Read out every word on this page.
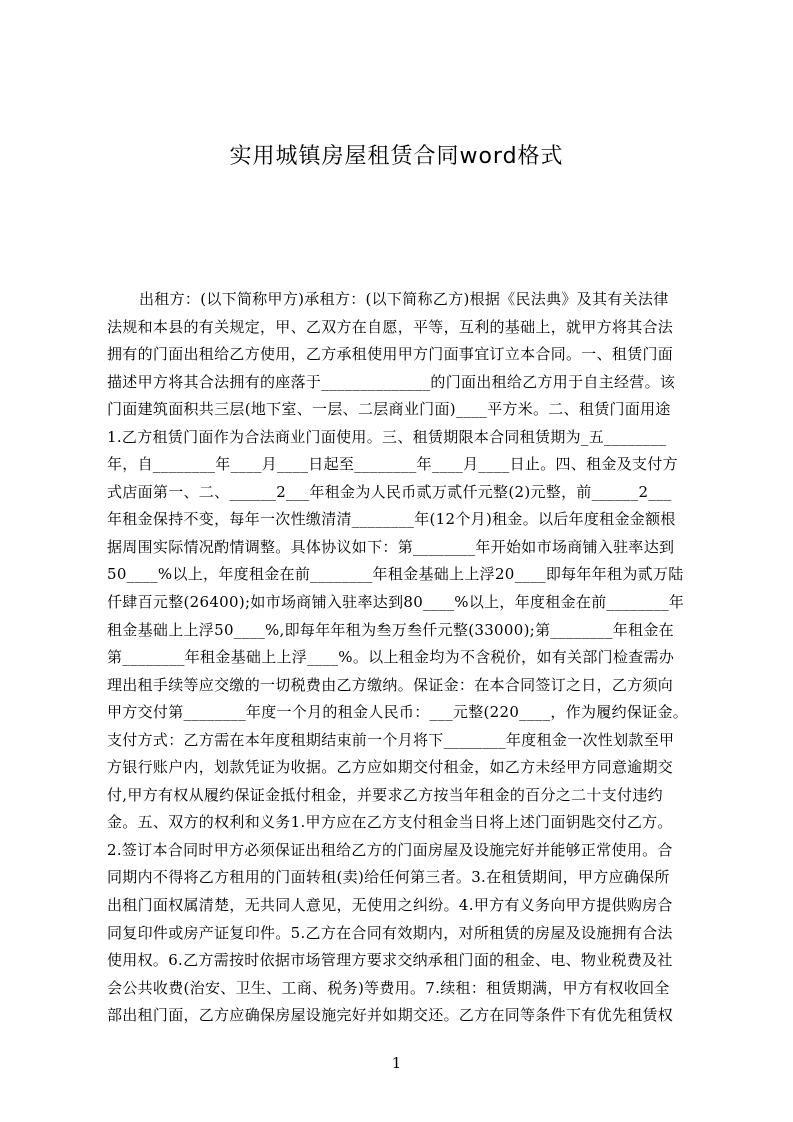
实用城镇房屋租赁合同word格式
出租方：(以下简称甲方)承租方：(以下简称乙方)根据《民法典》及其有关法律
法规和本县的有关规定，甲、乙双方在自愿，平等，互利的基础上，就甲方将其合法
拥有的门面出租给乙方使用，乙方承租使用甲方门面事宜订立本合同。一、租赁门面
描述甲方将其合法拥有的座落于______________的门面出租给乙方用于自主经营。该
门面建筑面积共三层(地下室、一层、二层商业门面)____平方米。二、租赁门面用途
1.乙方租赁门面作为合法商业门面使用。三、租赁期限本合同租赁期为_五________
年，自________年____月____日起至________年____月____日止。四、租金及支付方
式店面第一、二、______2___年租金为人民币贰万贰仟元整(2)元整，前______2___
年租金保持不变，每年一次性缴清清________年(12个月)租金。以后年度租金金额根
据周围实际情况酌情调整。具体协议如下：第________年开始如市场商铺入驻率达到
50____%以上，年度租金在前________年租金基础上上浮20____即每年年租为贰万陆
仟肆百元整(26400);如市场商铺入驻率达到80____%以上，年度租金在前________年
租金基础上上浮50____%,即每年年租为叁万叁仟元整(33000);第________年租金在
第________年租金基础上上浮____%。以上租金均为不含税价，如有关部门检查需办
理出租手续等应交缴的一切税费由乙方缴纳。保证金：在本合同签订之日，乙方须向
甲方交付第________年度一个月的租金人民币：___元整(220____，作为履约保证金。
支付方式：乙方需在本年度租期结束前一个月将下________年度租金一次性划款至甲
方银行账户内，划款凭证为收据。乙方应如期交付租金，如乙方未经甲方同意逾期交
付,甲方有权从履约保证金抵付租金，并要求乙方按当年租金的百分之二十支付违约
金。五、双方的权利和义务1.甲方应在乙方支付租金当日将上述门面钥匙交付乙方。
2.签订本合同时甲方必须保证出租给乙方的门面房屋及设施完好并能够正常使用。合
同期内不得将乙方租用的门面转租(卖)给任何第三者。3.在租赁期间，甲方应确保所
出租门面权属清楚，无共同人意见，无使用之纠纷。4.甲方有义务向甲方提供购房合
同复印件或房产证复印件。5.乙方在合同有效期内，对所租赁的房屋及设施拥有合法
使用权。6.乙方需按时依据市场管理方要求交纳承租门面的租金、电、物业税费及社
会公共收费(治安、卫生、工商、税务)等费用。7.续租：租赁期满，甲方有权收回全
部出租门面，乙方应确保房屋设施完好并如期交还。乙方在同等条件下有优先租赁权
1
